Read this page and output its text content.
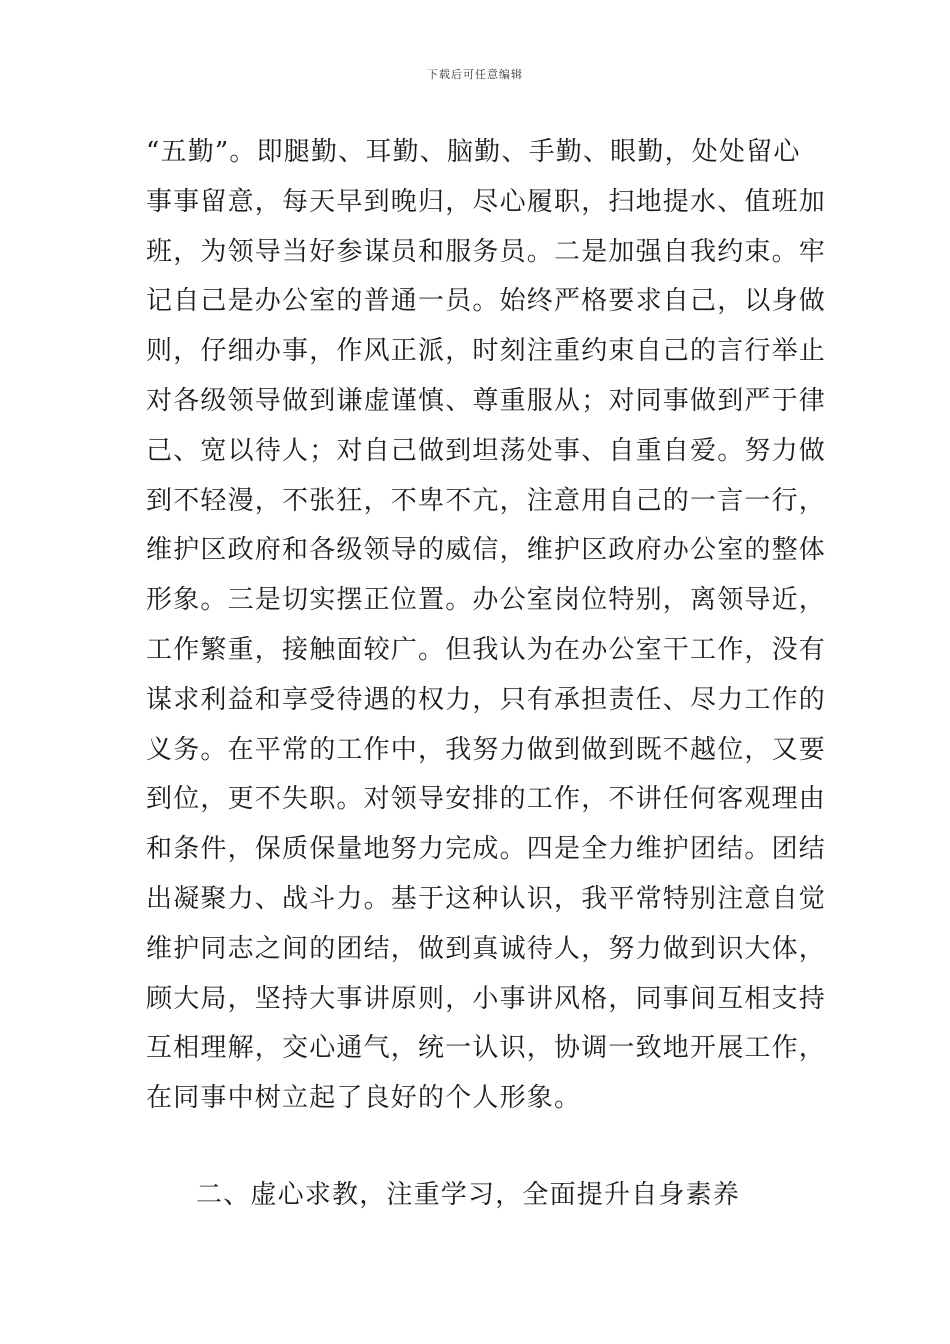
下载后可任意编辑
“五勤”。即腿勤、耳勤、脑勤、手勤、眼勤，处处留心
事事留意，每天早到晚归，尽心履职，扫地提水、值班加
班，为领导当好参谋员和服务员。二是加强自我约束。牢
记自己是办公室的普通一员。始终严格要求自己，以身做
则，仔细办事，作风正派，时刻注重约束自己的言行举止
对各级领导做到谦虚谨慎、尊重服从；对同事做到严于律
己、宽以待人；对自己做到坦荡处事、自重自爱。努力做
到不轻漫，不张狂，不卑不亢，注意用自己的一言一行，
维护区政府和各级领导的威信，维护区政府办公室的整体
形象。三是切实摆正位置。办公室岗位特别，离领导近，
工作繁重，接触面较广。但我认为在办公室干工作，没有
谋求利益和享受待遇的权力，只有承担责任、尽力工作的
义务。在平常的工作中，我努力做到做到既不越位，又要
到位，更不失职。对领导安排的工作，不讲任何客观理由
和条件，保质保量地努力完成。四是全力维护团结。团结
出凝聚力、战斗力。基于这种认识，我平常特别注意自觉
维护同志之间的团结，做到真诚待人，努力做到识大体，
顾大局，坚持大事讲原则，小事讲风格，同事间互相支持
互相理解，交心通气，统一认识，协调一致地开展工作，
在同事中树立起了良好的个人形象。
二、虚心求教，注重学习，全面提升自身素养
